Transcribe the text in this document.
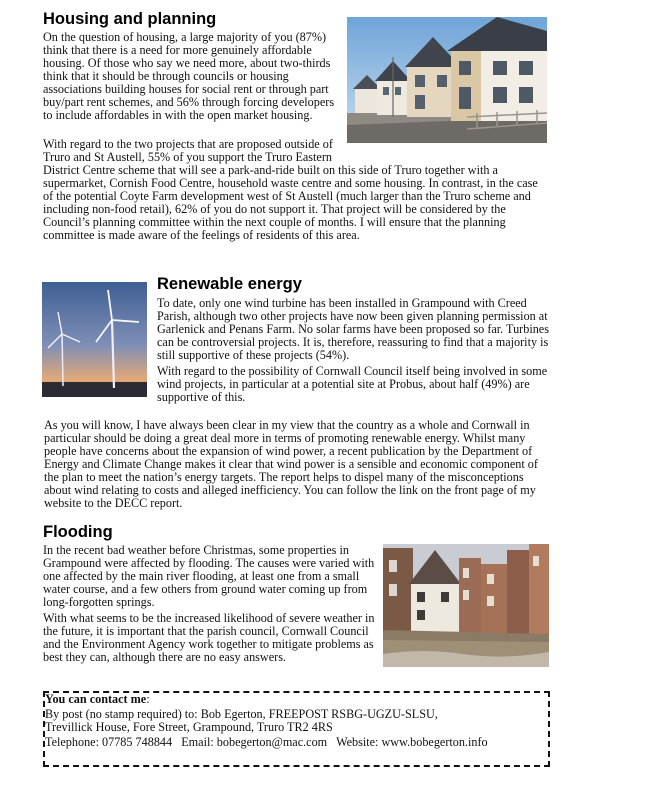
Housing and planning

On the question of housing, a large majority of you (87%) think that there is a need for more genuinely affordable housing. Of those who say we need more, about two-thirds think that it should be through councils or housing associations building houses for social rent or through part buy/part rent schemes, and 56% through forcing developers to include affordables in with the open market housing.

With regard to the two projects that are proposed outside of Truro and St Austell, 55% of you support the Truro Eastern District Centre scheme that will see a park-and-ride built on this side of Truro together with a supermarket, Cornish Food Centre, household waste centre and some housing. In contrast, in the case of the potential Coyte Farm development west of St Austell (much larger than the Truro scheme and including non-food retail), 62% of you do not support it. That project will be considered by the Council’s planning committee within the next couple of months. I will ensure that the planning committee is made aware of the feelings of residents of this area.
Renewable energy

To date, only one wind turbine has been installed in Grampound with Creed Parish, although two other projects have now been given planning permission at Garlenick and Penans Farm. No solar farms have been proposed so far. Turbines can be controversial projects. It is, therefore, reassuring to find that a majority is still supportive of these projects (54%).

With regard to the possibility of Cornwall Council itself being involved in some wind projects, in particular at a potential site at Probus, about half (49%) are supportive of this.

As you will know, I have always been clear in my view that the country as a whole and Cornwall in particular should be doing a great deal more in terms of promoting renewable energy. Whilst many people have concerns about the expansion of wind power, a recent publication by the Department of Energy and Climate Change makes it clear that wind power is a sensible and economic component of the plan to meet the nation’s energy targets. The report helps to dispel many of the misconceptions about wind relating to costs and alleged inefficiency. You can follow the link on the front page of my website to the DECC report.

Flooding

In the recent bad weather before Christmas, some properties in Grampound were affected by flooding. The causes were varied with one affected by the main river flooding, at least one from a small water course, and a few others from ground water coming up from long-forgotten springs.

With what seems to be the increased likelihood of severe weather in the future, it is important that the parish council, Cornwall Council and the Environment Agency work together to mitigate problems as best they can, although there are no easy answers.

You can contact me:
By post (no stamp required) to: Bob Egerton, FREEPOST RSBG-UGZU-SLSU,
Trevillick House, Fore Street, Grampound, Truro TR2 4RS
Telephone: 07785 748844 Email: bobegerton@mac.com Website: www.bobegerton.info
